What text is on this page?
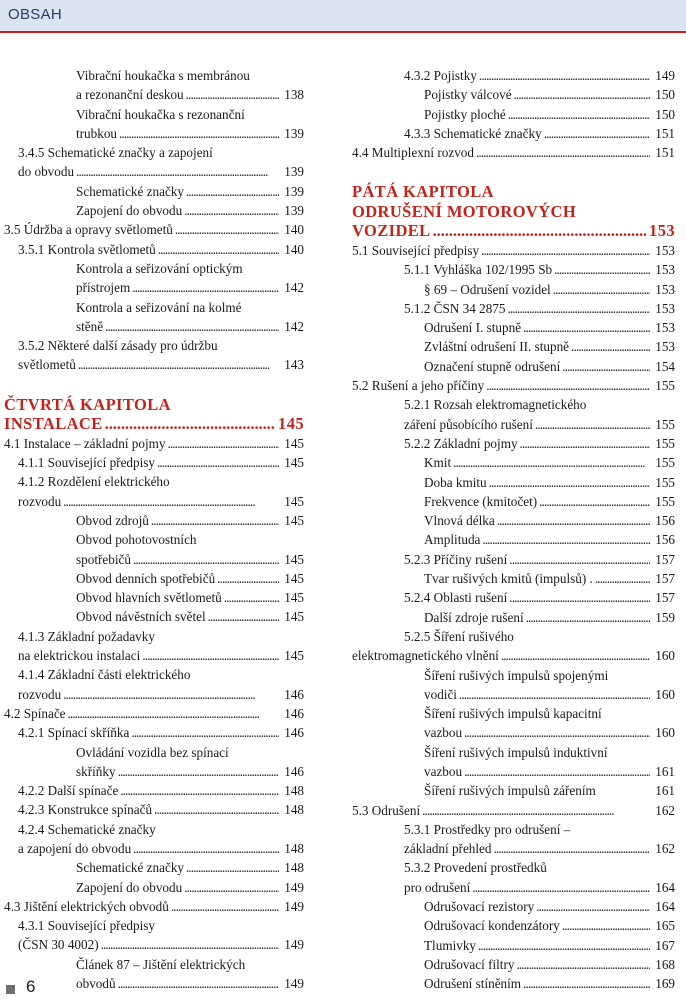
OBSAH
Vibrační houkačka s membránou
a rezonanční deskou . . .	138
Vibrační houkačka s rezonanční
trubkou . . .	139
3.4.5 Schematické značky a zapojení
do obvodu . . .	139
Schematické značky . . .	139
Zapojení do obvodu . . .	139
3.5 Údržba a opravy světlometů . . .	140
3.5.1 Kontrola světlometů . . .	140
Kontrola a seřizování optickým
přístrojem . . .	142
Kontrola a seřizování na kolmé
stěně . . .	142
3.5.2 Některé další zásady pro údržbu
světlometů . . .	143
ČTVRTÁ KAPITOLA
INSTALACE . . .	145
4.1 Instalace – základní pojmy . . .	145
4.1.1 Související předpisy . . .	145
4.1.2 Rozdělení elektrického
rozvodu . . .	145
Obvod zdrojů . . .	145
Obvod pohotovostních
spotřebičů . . .	145
Obvod denních spotřebičů . . .	145
Obvod hlavních světlometů . . .	145
Obvod návěstních světel . . .	145
4.1.3 Základní požadavky
na elektrickou instalaci . . .	145
4.1.4 Základní části elektrického
rozvodu . . .	146
4.2 Spínače . . .	146
4.2.1 Spínací skříňka . . .	146
Ovládání vozidla bez spínací
skříňky . . .	146
4.2.2 Další spínače . . .	148
4.2.3 Konstrukce spínačů . . .	148
4.2.4 Schematické značky
a zapojení do obvodu . . .	148
Schematické značky . . .	148
Zapojení do obvodu . . .	149
4.3 Jištění elektrických obvodů . . .	149
4.3.1 Související předpisy
(ČSN 30 4002) . . .	149
Článek 87 – Jištění elektrických
obvodů . . .	149
4.3.2 Pojistky . . .	149
Pojistky válcové . . .	150
Pojistky ploché . . .	150
4.3.3 Schematické značky . . .	151
4.4 Multiplexní rozvod . . .	151
PÁTÁ KAPITOLA
ODRUŠENÍ MOTOROVÝCH
VOZIDEL . . .	153
5.1 Související předpisy . . .	153
5.1.1 Vyhláška 102/1995 Sb . . .	153
§ 69 – Odrušení vozidel . . .	153
5.1.2 ČSN 34 2875 . . .	153
Odrušení I. stupně . . .	153
Zvláštní odrušení II. stupně . . .	153
Označení stupně odrušení . . .	154
5.2 Rušení a jeho příčiny . . .	155
5.2.1 Rozsah elektromagnetického
záření působícího rušení . . .	155
5.2.2 Základní pojmy . . .	155
Kmit . . .	155
Doba kmitu . . .	155
Frekvence (kmitočet) . . .	155
Vlnová délka . . .	156
Amplituda . . .	156
5.2.3 Příčiny rušení . . .	157
Tvar rušivých kmitů (impulsů) . . . .	157
5.2.4 Oblasti rušení . . .	157
Další zdroje rušení . . .	159
5.2.5 Šíření rušivého
elektromagnetického vlnění . . .	160
Šíření rušivých impulsů spojenými
vodiči . . .	160
Šíření rušivých impulsů kapacitní
vazbou . . .	160
Šíření rušivých impulsů induktivní
vazbou . . .	161
Šíření rušivých impulsů zářením	161
5.3 Odrušení . . .	162
5.3.1 Prostředky pro odrušení –
základní přehled . . .	162
5.3.2 Provedení prostředků
pro odrušení . . .	164
Odrušovací rezistory . . .	164
Odrušovací kondenzátory . . .	165
Tlumivky . . .	167
Odrušovací filtry . . .	168
Odrušení stíněním . . .	169
6
